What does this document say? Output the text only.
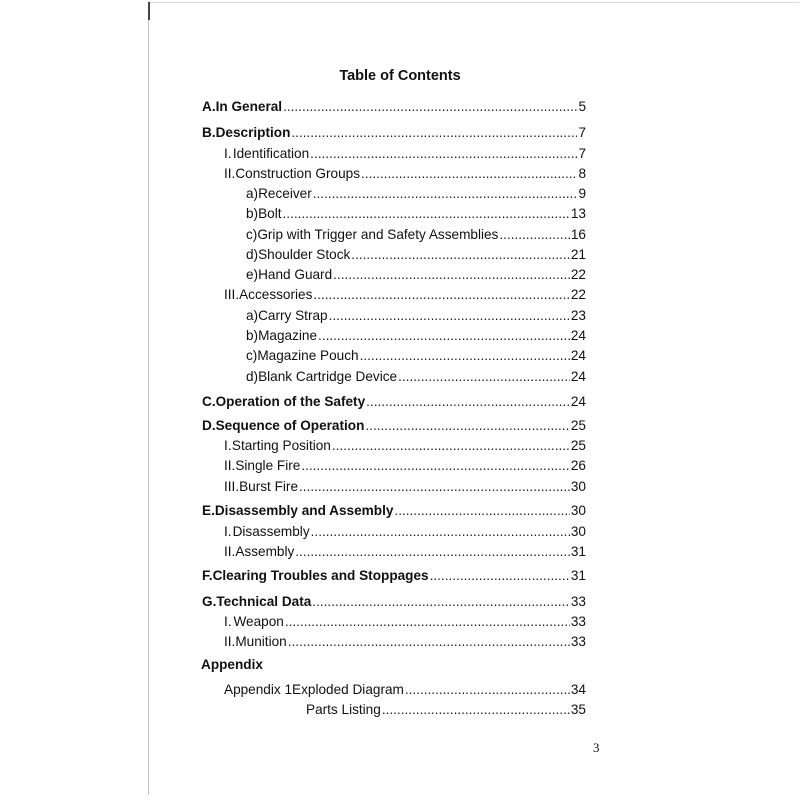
Table of Contents
A. In General .....	5
B. Description .....	7
I. Identification .....	7
II. Construction Groups .....	8
a) Receiver .....	9
b) Bolt .....	13
c) Grip with Trigger and Safety Assemblies .....	16
d) Shoulder Stock .....	21
e) Hand Guard .....	22
III. Accessories .....	22
a) Carry Strap .....	23
b) Magazine .....	24
c) Magazine Pouch .....	24
d) Blank Cartridge Device .....	24
C. Operation of the Safety .....	24
D. Sequence of Operation .....	25
I. Starting Position .....	25
II. Single Fire .....	26
III. Burst Fire .....	30
E. Disassembly and Assembly .....	30
I. Disassembly .....	30
II. Assembly .....	31
F. Clearing Troubles and Stoppages .....	31
G. Technical Data .....	33
I. Weapon .....	33
II. Munition .....	33
Appendix 1 Exploded Diagram .....	34
Parts Listing .....	35
Appendix
3
